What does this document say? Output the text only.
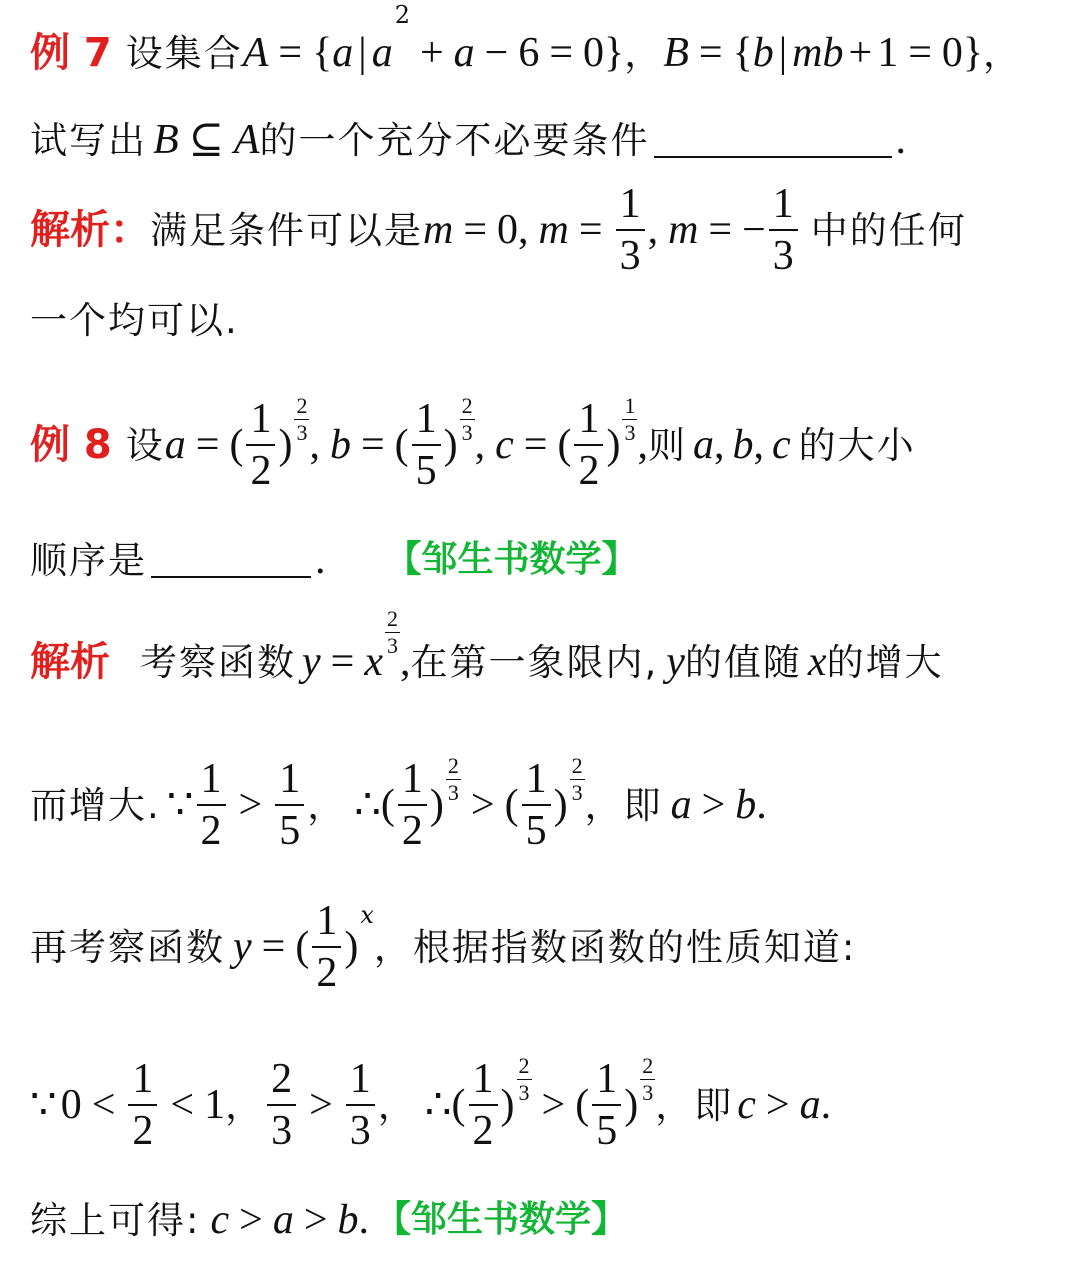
例 7 设集合 A = { a | a
2
+ a − 6 = 0 } ， B = { b | m b + 1 = 0 } ，
试写出 B ⊆ A 的一个充分不必要条件	.
解析： 满足条件可以是 m = 0 , $m = \frac{1}{3}$ , m = − $\frac{1}{3}$ 中的任何
一个均可以.
例 8 设 a = ( $\frac{1}{2}$ )
$\frac{2}{3}$
, b = ( $\frac{1}{5}$ )
$\frac{2}{3}$
, c = ( $\frac{1}{2}$ )
$\frac{1}{3}$
, 则 a , b , c 的大小
顺序是	. 【邹生书数学】
解析 考察函数 y = x
$\frac{2}{3}$
, 在第一象限内, y 的值随 x 的增大
而增大. ∵ $\frac{1}{2} > \frac{1}{5}$ ， ∴ ( $\frac{1}{2}$ )
$\frac{2}{3}$
> ( $\frac{1}{5}$ )
$\frac{2}{3}$
， 即 a > b .
再考察函数 y = ( $\frac{1}{2}$ )
x
，根据指数函数的性质知道:
∵ $0 < \frac{1}{2} < 1$ ， $\frac{2}{3} > \frac{1}{3}$ ， ∴ ( $\frac{1}{2}$ )
$\frac{2}{3}$
> ( $\frac{1}{5}$ )
$\frac{2}{3}$
， 即 c > a .
综上可得: c > a > b . 【邹生书数学】
